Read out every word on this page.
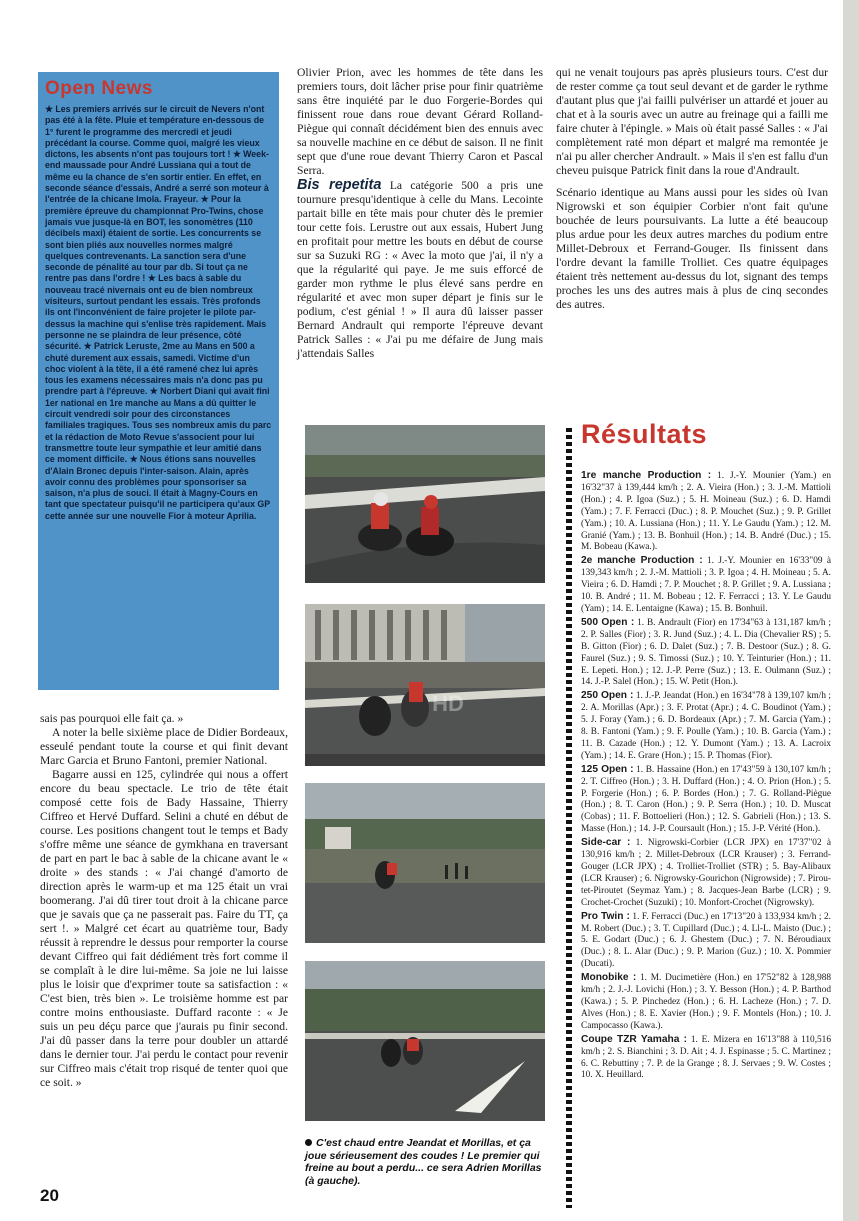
Open News

★ Les premiers arrivés sur le circuit de Nevers n'ont pas été à la fête. Pluie et température en-dessous de 1° furent le programme des mercredi et jeudi précédant la course. Comme quoi, malgré les vieux dictons, les absents n'ont pas toujours tort ! ★ Week-end maussade pour André Lussiana qui a tout de même eu la chance de s'en sortir entier. En effet, en seconde séance d'essais, André a serré son moteur à l'entrée de la chicane Imola. Frayeur. ★ Pour la première épreuve du championnat Pro-Twins, chose jamais vue jusque-là en BOT, les sonomètres (110 décibels maxi) étaient de sortie. Les concurrents se sont bien pliés aux nouvelles normes malgré quelques contrevenants. La sanction sera d'une seconde de pénalité au tour par db. Si tout ça ne rentre pas dans l'ordre ! ★ Les bacs à sable du nouveau tracé nivernais ont eu de bien nombreux visiteurs, surtout pendant les essais. Très profonds ils ont l'inconvénient de faire projeter le pilote par-dessus la machine qui s'enlise très rapidement. Mais personne ne se plaindra de leur présence, côté sécurité. ★ Patrick Leruste, 2me au Mans en 500 a chuté durement aux essais, samedi. Victime d'un choc violent à la tête, il a été ramené chez lui après tous les examens nécessaires mais n'a donc pas pu prendre part à l'épreuve. ★ Norbert Diani qui avait fini 1er national en 1re manche au Mans a dû quitter le circuit vendredi soir pour des circonstances familiales tragiques. Tous ses nombreux amis du parc et la rédaction de Moto Revue s'associent pour lui transmettre toute leur sympathie et leur amitié dans ce moment difficile. ★ Nous étions sans nouvelles d'Alain Bronec depuis l'inter-saison. Alain, après avoir connu des problèmes pour sponsoriser sa saison, n'a plus de souci. Il était à Magny-Cours en tant que spectateur puisqu'il ne participera qu'aux GP cette année sur une nouvelle Fior à moteur Aprilia.

sais pas pourquoi elle fait ça. »

A noter la belle sixième place de Didier Bordeaux, esseulé pendant toute la course et qui finit devant Marc Garcia et Bruno Fantoni, premier National.

Bagarre aussi en 125, cylindrée qui nous a offert encore du beau spectacle. Le trio de tête était composé cette fois de Bady Hassaine, Thierry Ciffreo et Hervé Duffard. Selini a chuté en début de course. Les positions changent tout le temps et Bady s'offre même une séance de gymkhana en traversant de part en part le bac à sable de la chicane avant le « droite » des stands : « J'ai changé d'amorto de direction après le warm-up et ma 125 était un vrai boomerang. J'ai dû tirer tout droit à la chicane parce que je savais que ça ne passerait pas. Faire du TT, ça sert !. » Malgré cet écart au quatrième tour, Bady réussit à reprendre le dessus pour remporter la course devant Ciffreo qui fait dédiément très fort comme il se complaît à le dire lui-même. Sa joie ne lui laisse plus le loisir que d'exprimer toute sa satisfaction : « C'est bien, très bien ». Le troisième homme est par contre moins enthousiaste. Duffard raconte : « Je suis un peu déçu parce que j'aurais pu finir second. J'ai dû passer dans la terre pour doubler un attardé dans le dernier tour. J'ai perdu le contact pour revenir sur Ciffreo mais c'était trop risqué de tenter quoi que ce soit. »

Olivier Prion, avec les hommes de tête dans les premiers tours, doit lâcher prise pour finir quatrième sans être inquiété par le duo Forgerie-Bordes qui finissent roue dans roue devant Gérard Rolland-Piègue qui connaît décidément bien des ennuis avec sa nouvelle machine en ce début de saison. Il ne finit sept que d'une roue devant Thierry Caron et Pascal Serra.

Bis repetita La catégorie 500 a pris une tournure presqu'identique à celle du Mans. Lecointe partait bille en tête mais pour chuter dès le premier tour cette fois. Lerustre out aux essais, Hubert Jung en profitait pour mettre les bouts en début de course sur sa Suzuki RG : « Avec la moto que j'ai, il n'y a que la régularité qui paye. Je me suis efforcé de garder mon rythme le plus élevé sans perdre en régularité et avec mon super départ je finis sur le podium, c'est génial ! » Il aura dû laisser passer Bernard Andrault qui remporte l'épreuve devant Patrick Salles : « J'ai pu me défaire de Jung mais j'attendais Salles

qui ne venait toujours pas après plusieurs tours. C'est dur de rester comme ça tout seul devant et de garder le rythme d'autant plus que j'ai failli pulvériser un attardé et jouer au chat et à la souris avec un autre au freinage qui a failli me faire chuter à l'épingle. » Mais où était passé Salles : « J'ai complètement raté mon départ et malgré ma remontée je n'ai pu aller chercher Andrault. » Mais il s'en est fallu d'un cheveu puisque Patrick finit dans la roue d'Andrault.

Scénario identique au Mans aussi pour les sides où Ivan Nigrowski et son équipier Corbier n'ont fait qu'une bouchée de leurs poursuivants. La lutte a été beaucoup plus ardue pour les deux autres marches du podium entre Millet-Debroux et Ferrand-Gouger. Ils finissent dans l'ordre devant la famille Trolliet. Ces quatre équipages étaient très nettement au-dessus du lot, signant des temps proches les uns des autres mais à plus de cinq secondes des autres.

HD
C'est chaud entre Jeandat et Morillas, et ça joue sérieusement des coudes ! Le premier qui freine au bout a perdu... ce sera Adrien Morillas (à gauche).
20
Résultats

1re manche Production : 1. J.-Y. Mounier (Yam.) en 16'32"37 à 139,444 km/h ; 2. A. Vieira (Hon.) ; 3. J.-M. Mattioli (Hon.) ; 4. P. Igoa (Suz.) ; 5. H. Moineau (Suz.) ; 6. D. Hamdi (Yam.) ; 7. F. Ferracci (Duc.) ; 8. P. Mouchet (Suz.) ; 9. P. Grillet (Yam.) ; 10. A. Lussiana (Hon.) ; 11. Y. Le Gaudu (Yam.) ; 12. M. Granié (Yam.) ; 13. B. Bonhuil (Hon.) ; 14. B. André (Duc.) ; 15. M. Bobeau (Kawa.).

2e manche Production : 1. J.-Y. Mounier en 16'33"09 à 139,343 km/h ; 2. J.-M. Mattioli ; 3. P. Igoa ; 4. H. Moineau ; 5. A. Vieira ; 6. D. Hamdi ; 7. P. Mouchet ; 8. P. Grillet ; 9. A. Lussiana ; 10. B. André ; 11. M. Bobeau ; 12. F. Ferracci ; 13. Y. Le Gaudu (Yam) ; 14. E. Lentaigne (Kawa) ; 15. B. Bonhuil.

500 Open : 1. B. Andrault (Fior) en 17'34"63 à 131,187 km/h ; 2. P. Salles (Fior) ; 3. R. Jund (Suz.) ; 4. L. Dia (Chevalier RS) ; 5. B. Gitton (Fior) ; 6. D. Dalet (Suz.) ; 7. B. Destoor (Suz.) ; 8. G. Faurel (Suz.) ; 9. S. Timossi (Suz.) ; 10. Y. Teinturier (Hon.) ; 11. E. Lepeti. Hon.) ; 12. J.-P. Perre (Suz.) ; 13. E. Oulmann (Suz.) ; 14. J.-P. Salel (Hon.) ; 15. W. Petit (Hon.).

250 Open : 1. J.-P. Jeandat (Hon.) en 16'34"78 à 139,107 km/h ; 2. A. Morillas (Apr.) ; 3. F. Protat (Apr.) ; 4. C. Boudinot (Yam.) ; 5. J. Foray (Yam.) ; 6. D. Bordeaux (Apr.) ; 7. M. Garcia (Yam.) ; 8. B. Fantoni (Yam.) ; 9. F. Poulle (Yam.) ; 10. B. Garcia (Yam.) ; 11. B. Cazade (Hon.) ; 12. Y. Dumont (Yam.) ; 13. A. Lacroix (Yam.) ; 14. E. Grare (Hon.) ; 15. P. Thomas (Fior).

125 Open : 1. B. Hassaine (Hon.) en 17'43"59 à 130,107 km/h ; 2. T. Ciffreo (Hon.) ; 3. H. Duffard (Hon.) ; 4. O. Prion (Hon.) ; 5. P. Forgerie (Hon.) ; 6. P. Bordes (Hon.) ; 7. G. Rolland-Piègue (Hon.) ; 8. T. Caron (Hon.) ; 9. P. Serra (Hon.) ; 10. D. Muscat (Cobas) ; 11. F. Bottoelieri (Hon.) ; 12. S. Gabrieli (Hon.) ; 13. S. Masse (Hon.) ; 14. J-P. Coursault (Hon.) ; 15. J-P. Vérité (Hon.).

Side-car : 1. Nigrowski-Corbier (LCR JPX) en 17'37"02 à 130,916 km/h ; 2. Millet-Debroux (LCR Krauser) ; 3. Ferrand-Gouger (LCR JPX) ; 4. Trolliet-Trolliet (STR) ; 5. Bay-Alibaux (LCR Krauser) ; 6. Nigrowsky-Gourichon (Nigrowside) ; 7. Pirou-tet-Piroutet (Seymaz Yam.) ; 8. Jacques-Jean Barbe (LCR) ; 9. Crochet-Crochet (Suzuki) ; 10. Monfort-Crochet (Nigrowsky).

Pro Twin : 1. F. Ferracci (Duc.) en 17'13"20 à 133,934 km/h ; 2. M. Robert (Duc.) ; 3. T. Cupillard (Duc.) ; 4. Ll-L. Maisto (Duc.) ; 5. E. Godart (Duc.) ; 6. J. Ghestem (Duc.) ; 7. N. Béroudiaux (Duc.) ; 8. L. Alar (Duc.) ; 9. P. Marion (Guz.) ; 10. X. Pommier (Ducati).

Monobike : 1. M. Ducimetière (Hon.) en 17'52"82 à 128,988 km/h ; 2. J.-J. Lovichi (Hon.) ; 3. Y. Besson (Hon.) ; 4. P. Barthod (Kawa.) ; 5. P. Pinchedez (Hon.) ; 6. H. Lacheze (Hon.) ; 7. D. Alves (Hon.) ; 8. E. Xavier (Hon.) ; 9. F. Montels (Hon.) ; 10. J. Campocasso (Kawa.).

Coupe TZR Yamaha : 1. E. Mizera en 16'13"88 à 110,516 km/h ; 2. S. Bianchini ; 3. D. Ait ; 4. J. Espinasse ; 5. C. Martinez ; 6. C. Rebuttiny ; 7. P. de la Grange ; 8. J. Servaes ; 9. W. Costes ; 10. X. Heuillard.
